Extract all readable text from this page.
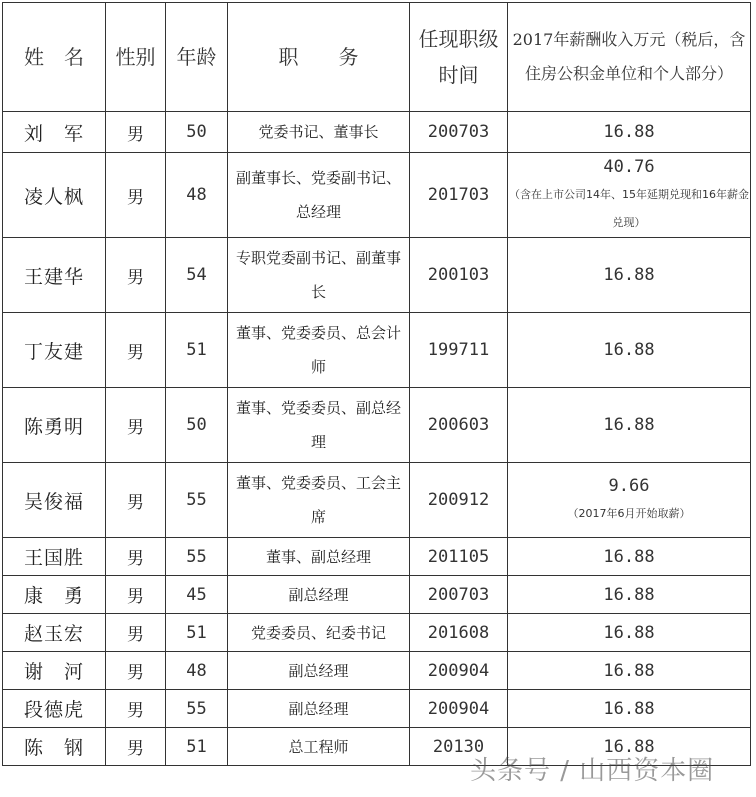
姓　名	性别	年龄	职　　务	任现职级时间	2017年薪酬收入万元（税后，含住房公积金单位和个人部分）
刘　军	男	50	党委书记、董事长	200703	16.88
凌人枫	男	48	副董事长、党委副书记、总经理	201703	40.76
（含在上市公司14年、15年延期兑现和16年薪金兑现）

王建华	男	54	专职党委副书记、副董事长	200103	16.88
丁友建	男	51	董事、党委委员、总会计师	199711	16.88
陈勇明	男	50	董事、党委委员、副总经理	200603	16.88
吴俊福	男	55	董事、党委委员、工会主席	200912	9.66
（2017年6月开始取薪）

王国胜	男	55	董事、副总经理	201105	16.88
康　勇	男	45	副总经理	200703	16.88
赵玉宏	男	51	党委委员、纪委书记	201608	16.88
谢　河	男	48	副总经理	200904	16.88
段德虎	男	55	副总经理	200904	16.88
陈　钢	男	51	总工程师	20130	16.88
头条号 / 山西资本圈
